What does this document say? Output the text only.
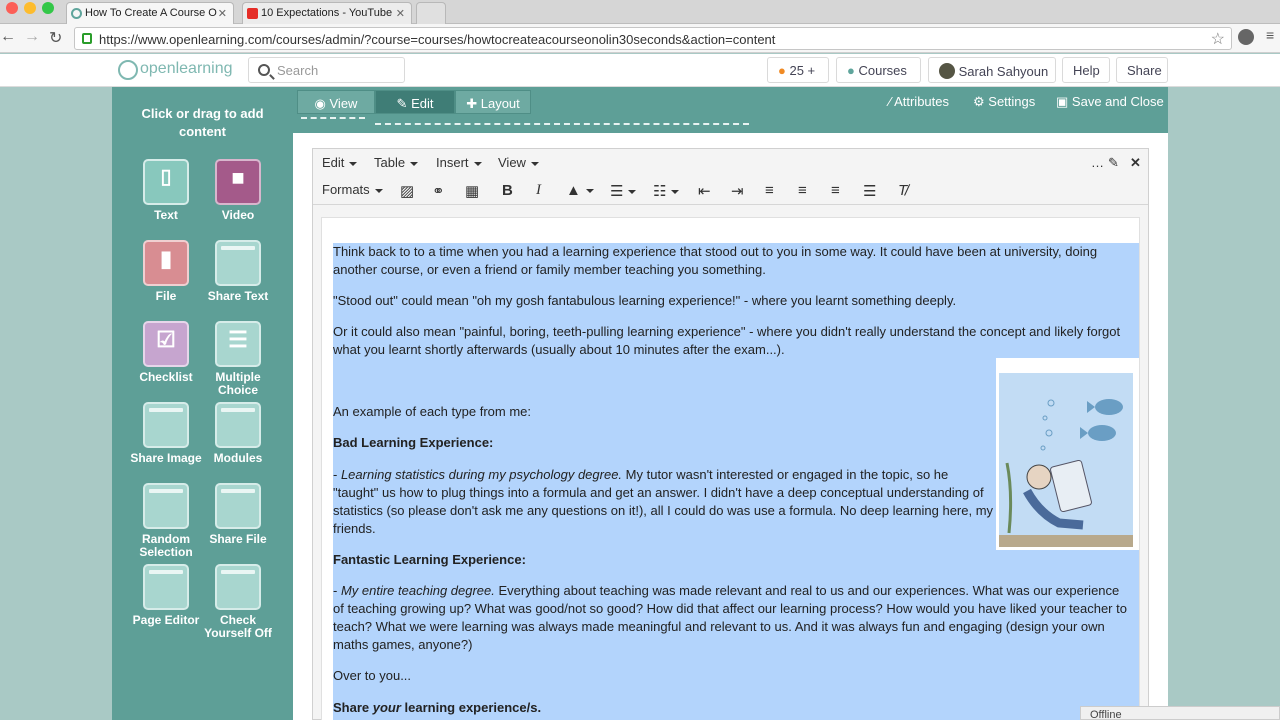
How To Create A Course O ✕	10 Expectations - YouTube ✕
← → ↻	https://www.openlearning.com/courses/admin/?course=courses/howtocreateacourseonolin30seconds&action=content	☆	≡
openlearning	Search	● 25 +	● Courses	Sarah Sahyoun	Help	Share
Click or drag to add content
▯
Text
■
Video
▮
File	Share Text
☑
Checklist
☰
Multiple Choice
Share Image Modules
Random Selection
Share File
Page Editor	Check Yourself Off
◉ View	✎ Edit	✚ Layout	⁄ Attributes ⚙ Settings ▣ Save and Close
Edit	Table	Insert	View	… ✎ ✕
Formats	▨ ⚭ ▦ B I ▲	☰	☷	⇤ ⇥ ≡ ≡ ≡ ☰ T̸
Think back to to a time when you had a learning experience that stood out to you in some way. It could have been at university, doing another course, or even a friend or family member teaching you something.
"Stood out" could mean "oh my gosh fantabulous learning experience!" - where you learnt something deeply.
Or it could also mean "painful, boring, teeth-pulling learning experience" - where you didn't really understand the concept and likely forgot what you learnt shortly afterwards (usually about 10 minutes after the exam...).
An example of each type from me:
Bad Learning Experience:
- Learning statistics during my psychology degree. My tutor wasn't interested or engaged in the topic, so he "taught" us how to plug things into a formula and get an answer. I didn't have a deep conceptual understanding of statistics (so please don't ask me any questions on it!), all I could do was use a formula. No deep learning here, my friends.
Fantastic Learning Experience:
- My entire teaching degree. Everything about teaching was made relevant and real to us and our experiences. What was our experience of teaching growing up? What was good/not so good? How did that affect our learning process? How would you have liked your teacher to teach? What we were learning was always made meaningful and relevant to us. And it was always fun and engaging (design your own maths games, anyone?)
Over to you...
Share your learning experience/s.	Offline
